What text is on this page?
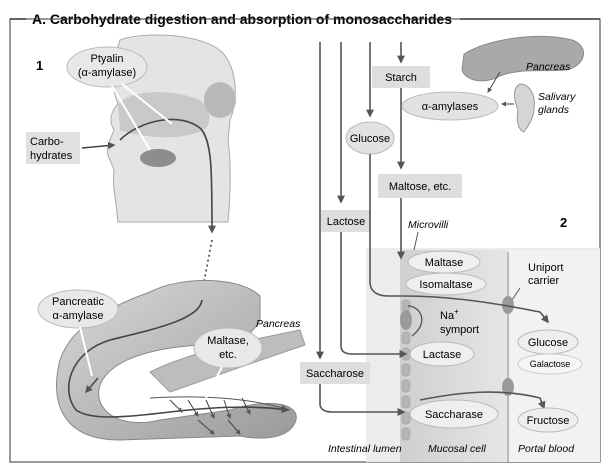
A. Carbohydrate digestion and absorption of monosaccharides
1	Ptyalin
(α-amylase)
Carbo-
hydrates
Pancreatic
α-amylase
Pancreas
Maltase,
etc.
2
Pancreas
Salivary
glands
Starch
α-amylases
Glucose
Maltose, etc.
Lactose	Microvilli
Maltase
Isomaltase
Uniport
carrier
Na+
symport
Lactase
Glucose
Galactose
Saccharose
Saccharase	Fructose
Intestinal lumen	Mucosal cell	Portal blood
